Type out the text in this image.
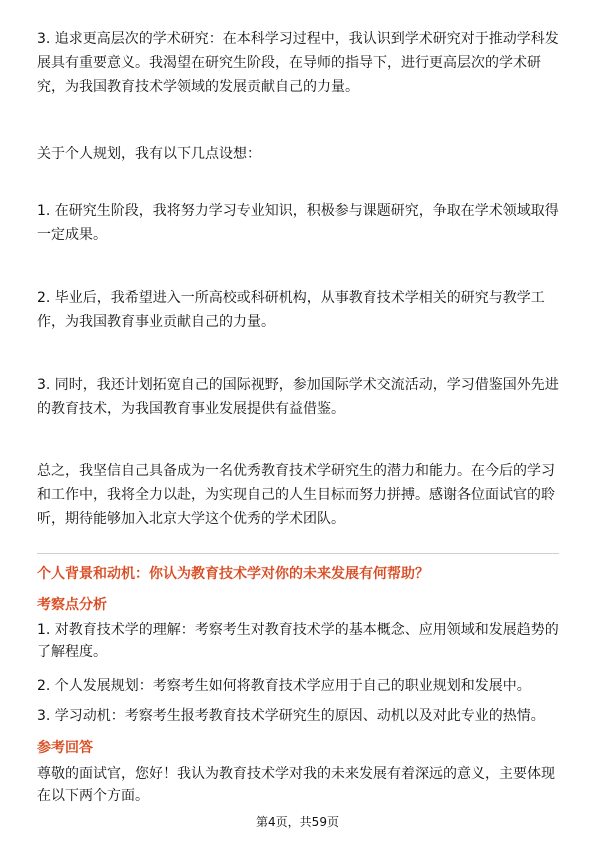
3. 追求更高层次的学术研究：在本科学习过程中，我认识到学术研究对于推动学科发展具有重要意义。我渴望在研究生阶段，在导师的指导下，进行更高层次的学术研究，为我国教育技术学领域的发展贡献自己的力量。

关于个人规划，我有以下几点设想：

1. 在研究生阶段，我将努力学习专业知识，积极参与课题研究，争取在学术领域取得一定成果。

2. 毕业后，我希望进入一所高校或科研机构，从事教育技术学相关的研究与教学工作，为我国教育事业贡献自己的力量。

3. 同时，我还计划拓宽自己的国际视野，参加国际学术交流活动，学习借鉴国外先进的教育技术，为我国教育事业发展提供有益借鉴。

总之，我坚信自己具备成为一名优秀教育技术学研究生的潜力和能力。在今后的学习和工作中，我将全力以赴，为实现自己的人生目标而努力拼搏。感谢各位面试官的聆听，期待能够加入北京大学这个优秀的学术团队。

个人背景和动机：你认为教育技术学对你的未来发展有何帮助？

考察点分析

1. 对教育技术学的理解：考察考生对教育技术学的基本概念、应用领域和发展趋势的了解程度。

2. 个人发展规划：考察考生如何将教育技术学应用于自己的职业规划和发展中。

3. 学习动机：考察考生报考教育技术学研究生的原因、动机以及对此专业的热情。

参考回答

尊敬的面试官，您好！我认为教育技术学对我的未来发展有着深远的意义，主要体现在以下两个方面。

第4页，共59页
